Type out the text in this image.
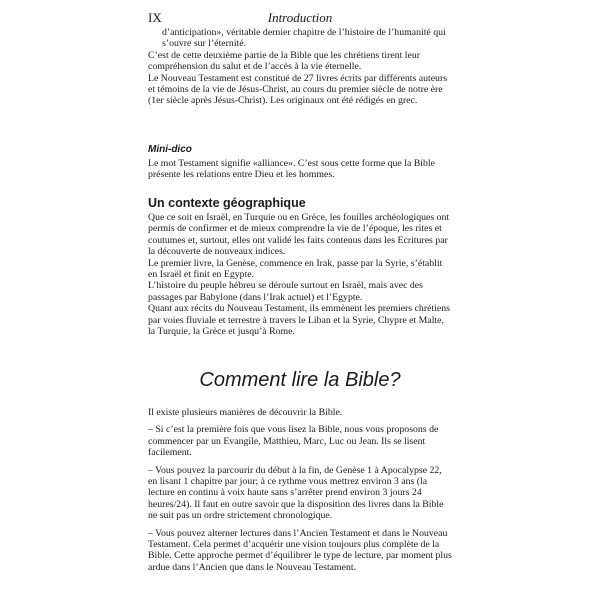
IX	Introduction

d’anticipation», véritable dernier chapitre de l’histoire de l’humanité qui

s’ouvre sur l’éternité.

C’est de cette deuxième partie de la Bible que les chrétiens tirent leur compréhension du salut et de l’accès à la vie éternelle.

Le Nouveau Testament est constitué de 27 livres écrits par différents auteurs et témoins de la vie de Jésus-Christ, au cours du premier siècle de notre ère (1er siècle après Jésus-Christ). Les originaux ont été rédigés en grec.

Mini-dico

Le mot Testament signifie «alliance». C’est sous cette forme que la Bible présente les relations entre Dieu et les hommes.

Un contexte géographique

Que ce soit en Israël, en Turquie ou en Grèce, les fouilles archéologiques ont permis de confirmer et de mieux comprendre la vie de l’époque, les rites et coutumes et, surtout, elles ont validé les faits contenus dans les Ecritures par la découverte de nouveaux indices.

Le premier livre, la Genèse, commence en Irak, passe par la Syrie, s’établit en Israël et finit en Egypte.

L’histoire du peuple hébreu se déroule surtout en Israël, mais avec des passages par Babylone (dans l’Irak actuel) et l’Egypte.

Quant aux récits du Nouveau Testament, ils emmènent les premiers chrétiens par voies fluviale et terrestre à travers le Liban et la Syrie, Chypre et Malte, la Turquie, la Grèce et jusqu’à Rome.

Comment lire la Bible?

Il existe plusieurs manières de découvrir la Bible.

– Si c’est la première fois que vous lisez la Bible, nous vous proposons de commencer par un Evangile, Matthieu, Marc, Luc ou Jean. Ils se lisent facilement.

– Vous pouvez la parcourir du début à la fin, de Genèse 1 à Apocalypse 22, en lisant 1 chapitre par jour; à ce rythme vous mettrez environ 3 ans (la lecture en continu à voix haute sans s’arrêter prend environ 3 jours 24 heures/24). Il faut en outre savoir que la disposition des livres dans la Bible ne suit pas un ordre strictement chronologique.

– Vous pouvez alterner lectures dans l’Ancien Testament et dans le Nouveau Testament. Cela permet d’acquérir une vision toujours plus complète de la Bible. Cette approche permet d’équilibrer le type de lecture, par moment plus ardue dans l’Ancien que dans le Nouveau Testament.
